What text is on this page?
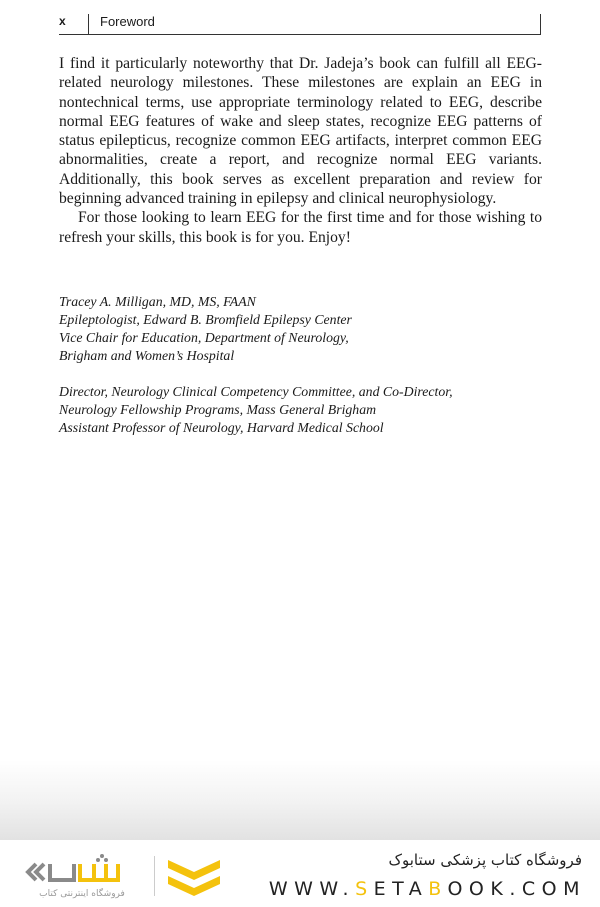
x	Foreword

I find it particularly noteworthy that Dr. Jadeja’s book can fulfill all EEG-related neurology milestones. These milestones are explain an EEG in nontechnical terms, use appropriate terminology related to EEG, describe normal EEG features of wake and sleep states, recognize EEG patterns of status epilepticus, recognize common EEG artifacts, interpret common EEG abnormalities, create a report, and recognize normal EEG variants. Additionally, this book serves as excellent preparation and review for beginning advanced training in epilepsy and clinical neurophysiology.

For those looking to learn EEG for the first time and for those wishing to refresh your skills, this book is for you. Enjoy!

Tracey A. Milligan, MD, MS, FAAN
Epileptologist, Edward B. Bromfield Epilepsy Center
Vice Chair for Education, Department of Neurology,
Brigham and Women’s Hospital
Director, Neurology Clinical Competency Committee, and Co-Director,
Neurology Fellowship Programs, Mass General Brigham
Assistant Professor of Neurology, Harvard Medical School
فروشگاه اینترنتی کتاب
فروشگاه کتاب پزشکی ستابوک
WWW.SETABOOK.COM
